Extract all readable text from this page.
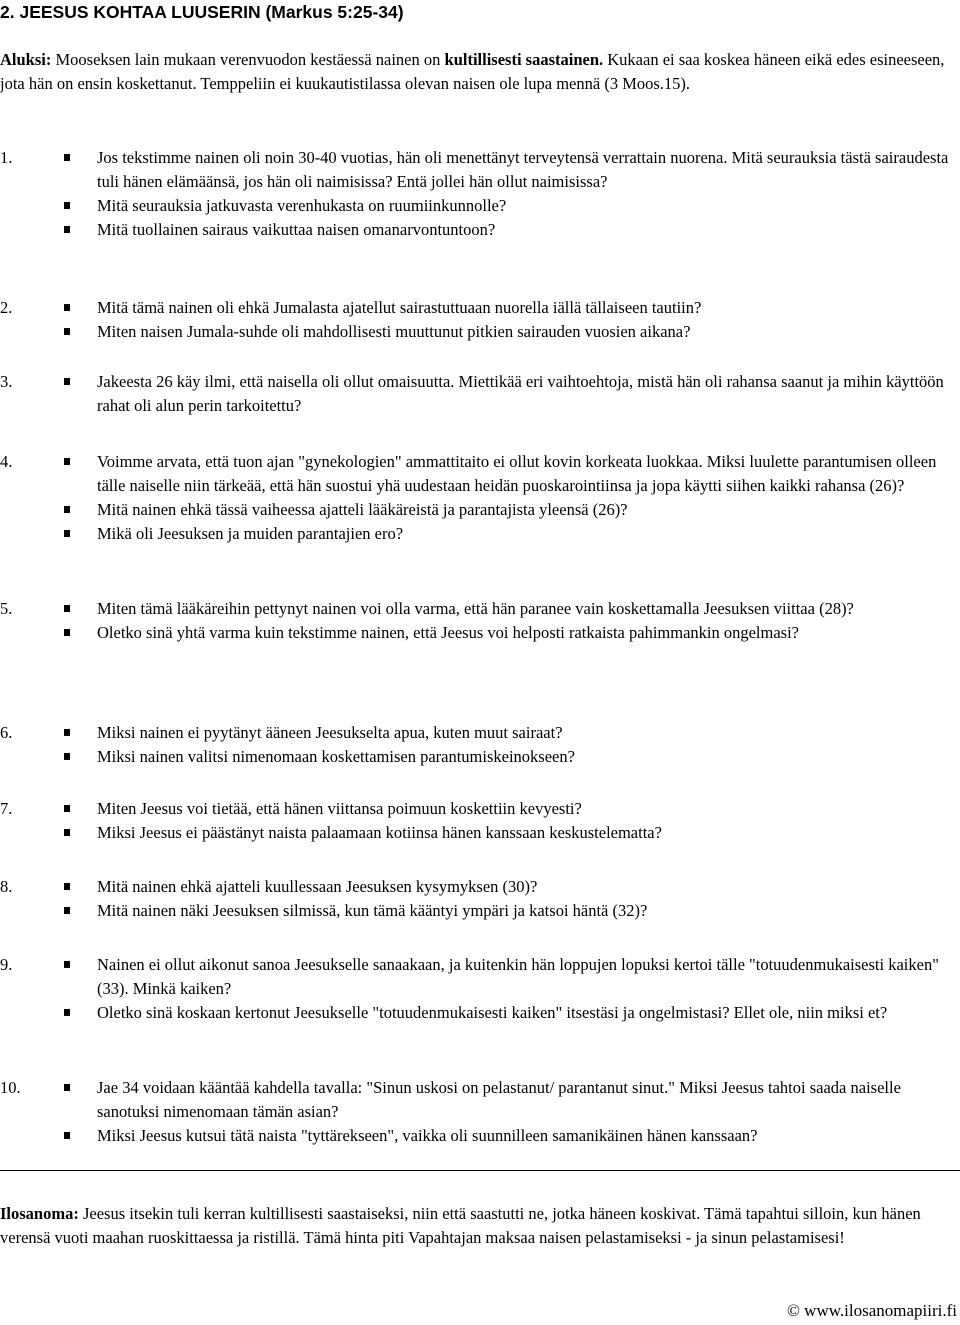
2. JEESUS KOHTAA LUUSERIN (Markus 5:25-34)

Aluksi: Mooseksen lain mukaan verenvuodon kestäessä nainen on kultillisesti saastainen. Kukaan ei saa koskea häneen eikä edes esineeseen, jota hän on ensin koskettanut. Temppeliin ei kuukautistilassa olevan naisen ole lupa mennä (3 Moos.15).

1.	Jos tekstimme nainen oli noin 30-40 vuotias, hän oli menettänyt terveytensä verrattain nuorena. Mitä seurauksia tästä sairaudesta tuli hänen elämäänsä, jos hän oli naimisissa? Entä jollei hän ollut naimisissa?
Mitä seurauksia jatkuvasta verenhukasta on ruumiinkunnolle?
Mitä tuollainen sairaus vaikuttaa naisen omanarvontuntoon?
2.	Mitä tämä nainen oli ehkä Jumalasta ajatellut sairastuttuaan nuorella iällä tällaiseen tautiin?
Miten naisen Jumala-suhde oli mahdollisesti muuttunut pitkien sairauden vuosien aikana?
3.	Jakeesta 26 käy ilmi, että naisella oli ollut omaisuutta. Miettikää eri vaihtoehtoja, mistä hän oli rahansa saanut ja mihin käyttöön rahat oli alun perin tarkoitettu?
4.	Voimme arvata, että tuon ajan "gynekologien" ammattitaito ei ollut kovin korkeata luokkaa. Miksi luulette parantumisen olleen tälle naiselle niin tärkeää, että hän suostui yhä uudestaan heidän puoskarointiinsa ja jopa käytti siihen kaikki rahansa (26)?
Mitä nainen ehkä tässä vaiheessa ajatteli lääkäreistä ja parantajista yleensä (26)?
Mikä oli Jeesuksen ja muiden parantajien ero?
5.	Miten tämä lääkäreihin pettynyt nainen voi olla varma, että hän paranee vain koskettamalla Jeesuksen viittaa (28)?
Oletko sinä yhtä varma kuin tekstimme nainen, että Jeesus voi helposti ratkaista pahimmankin ongelmasi?
6.	Miksi nainen ei pyytänyt ääneen Jeesukselta apua, kuten muut sairaat?
Miksi nainen valitsi nimenomaan koskettamisen parantumiskeinokseen?
7.	Miten Jeesus voi tietää, että hänen viittansa poimuun koskettiin kevyesti?
Miksi Jeesus ei päästänyt naista palaamaan kotiinsa hänen kanssaan keskustelematta?
8.	Mitä nainen ehkä ajatteli kuullessaan Jeesuksen kysymyksen (30)?
Mitä nainen näki Jeesuksen silmissä, kun tämä kääntyi ympäri ja katsoi häntä (32)?
9.	Nainen ei ollut aikonut sanoa Jeesukselle sanaakaan, ja kuitenkin hän loppujen lopuksi kertoi tälle "totuudenmukaisesti kaiken" (33). Minkä kaiken?
Oletko sinä koskaan kertonut Jeesukselle "totuudenmukaisesti kaiken" itsestäsi ja ongelmistasi? Ellet ole, niin miksi et?
10.	Jae 34 voidaan kääntää kahdella tavalla: "Sinun uskosi on pelastanut/ parantanut sinut." Miksi Jeesus tahtoi saada naiselle sanotuksi nimenomaan tämän asian?
Miksi Jeesus kutsui tätä naista "tyttärekseen", vaikka oli suunnilleen samanikäinen hänen kanssaan?

Ilosanoma: Jeesus itsekin tuli kerran kultillisesti saastaiseksi, niin että saastutti ne, jotka häneen koskivat. Tämä tapahtui silloin, kun hänen verensä vuoti maahan ruoskittaessa ja ristillä. Tämä hinta piti Vapahtajan maksaa naisen pelastamiseksi - ja sinun pelastamisesi!

© www.ilosanomapiiri.fi
